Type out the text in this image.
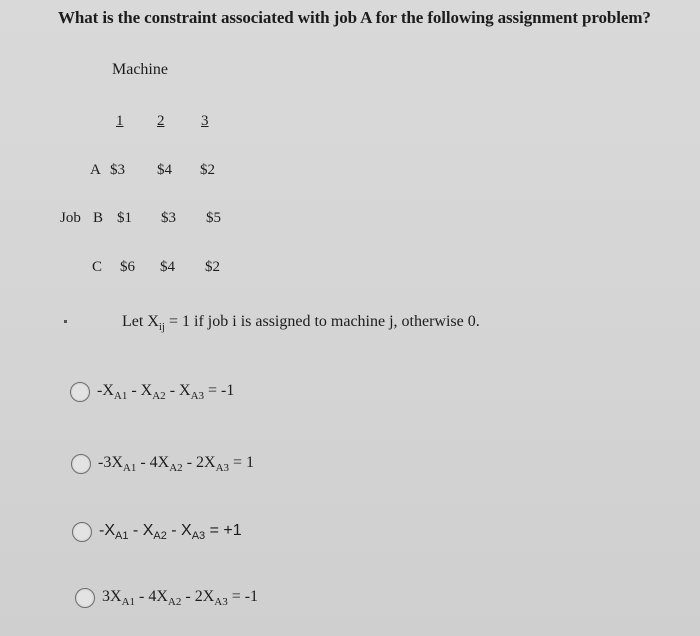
What is the constraint associated with job A for the following assignment problem?
Machine
1 2 3
A $3 $4 $2
Job B $1 $3 $5
C $6 $4 $2
Let $X_{ij} = 1$ if job i is assigned to machine j, otherwise 0.
$-X_{A1} - X_{A2} - X_{A3} = -1$
$-3X_{A1} - 4X_{A2} - 2X_{A3} = 1$
$-X_{A1} - X_{A2} - X_{A3} = +1$
$3X_{A1} - 4X_{A2} - 2X_{A3} = -1$
